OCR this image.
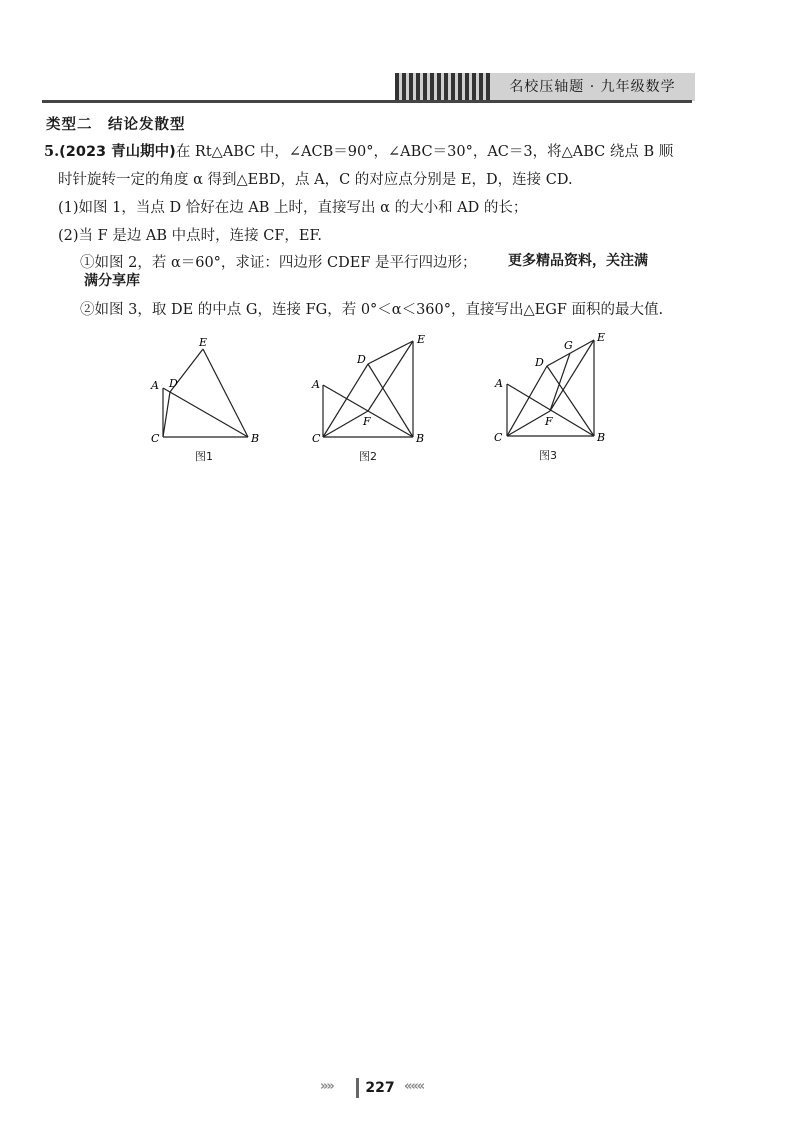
名校压轴题 · 九年级数学
类型二　结论发散型
5.(2023 青山期中)在 Rt△ABC 中，∠ACB＝90°，∠ABC＝30°，AC＝3，将△ABC 绕点 B 顺
时针旋转一定的角度 α 得到△EBD，点 A，C 的对应点分别是 E，D，连接 CD.
(1)如图 1，当点 D 恰好在边 AB 上时，直接写出 α 的大小和 AD 的长；
(2)当 F 是边 AB 中点时，连接 CF，EF.
①如图 2，若 α＝60°，求证：四边形 CDEF 是平行四边形；
②如图 3，取 DE 的中点 G，连接 FG，若 0°＜α＜360°，直接写出△EGF 面积的最大值.
更多精品资料，关注满
满分享库
E
A D
C	B
图1
E
D
A
F
C	B
图2
E
G
D
A
F
C	B
图3
»»	227 «««
